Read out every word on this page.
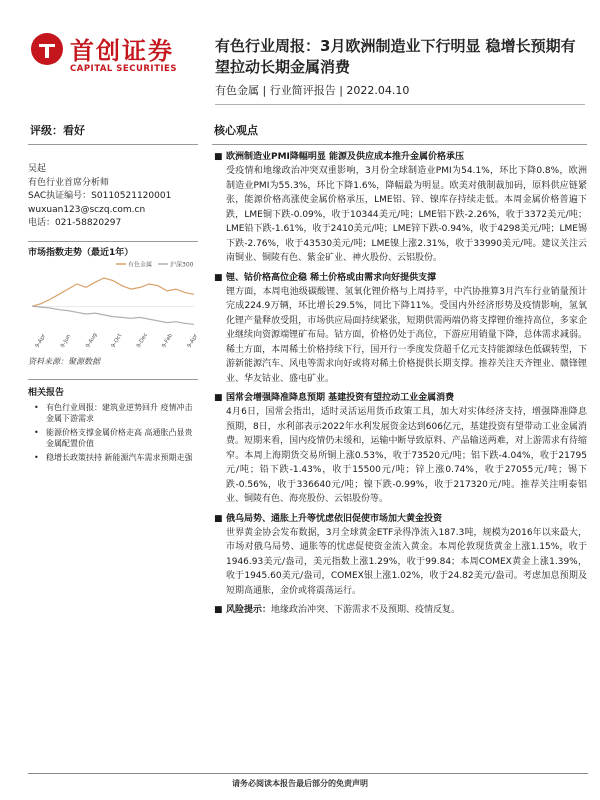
首创证券
CAPITAL SECURITIES
有色行业周报：3月欧洲制造业下行明显 稳增长预期有望拉动长期金属消费
有色金属 | 行业简评报告 | 2022.04.10
评级：看好
吴起
有色行业首席分析师
SAC执证编号：S0110521120001
wuxuan123@sczq.com.cn
电话：021-58820297
市场指数走势（最近1年）
有色金属	沪深300
9-Apr 9-Jun 9-Aug 9-Oct 9-Dec 9-Feb 9-Apr
资料来源：聚源数据
相关报告
• 有色行业周报：建筑业逆势回升 疫情冲击金属下游需求
• 能源价格支撑金属价格走高 高通胀凸显贵金属配置价值
• 稳增长政策扶持 新能源汽车需求预期走强
核心观点
■ 欧洲制造业PMI降幅明显 能源及供应成本推升金属价格承压
受疫情和地缘政治冲突双重影响，3月份全球制造业PMI为54.1%，环比下降0.8%，欧洲制造业PMI为55.3%，环比下降1.6%，降幅最为明显。欧美对俄制裁加码，原料供应链紧张，能源价格高涨使金属价格承压，LME铝、锌、镍库存持续走低。本周金属价格普遍下跌，LME铜下跌-0.09%，收于10344美元/吨；LME铝下跌-2.26%，收于3372美元/吨；LME铅下跌-1.61%，收于2410美元/吨；LME锌下跌-0.94%，收于4298美元/吨；LME锡下跌-2.76%，收于43530美元/吨；LME镍上涨2.31%，收于33990美元/吨。建议关注云南铜业、铜陵有色、紫金矿业、神火股份、云铝股份。
■ 锂、钴价格高位企稳 稀土价格或由需求向好提供支撑
锂方面，本周电池级碳酸锂、氢氧化锂价格与上周持平，中汽协推算3月汽车行业销量预计完成224.9万辆，环比增长29.5%，同比下降11%。受国内外经济形势及疫情影响，氢氧化锂产量释放受阻，市场供应局面持续紧张，短期供需两端仍将支撑锂价维持高位，多家企业继续向资源端锂矿布局。钴方面，价格仍处于高位，下游应用销量下降，总体需求减弱。稀土方面，本周稀土价格持续下行，国开行一季度发贷超千亿元支持能源绿色低碳转型，下游新能源汽车、风电等需求向好或将对稀土价格提供长期支撑。推荐关注天齐锂业、赣锋锂业、华友钴业、盛屯矿业。
■ 国常会增强降准降息预期 基建投资有望拉动工业金属消费
4月6日，国常会指出，适时灵活运用货币政策工具，加大对实体经济支持，增强降准降息预期，8日，水利部表示2022年水利发展资金达到606亿元，基建投资有望带动工业金属消费。短期来看，国内疫情仍未缓和，运输中断导致原料、产品输送两难，对上游需求有待缩窄。本周上海期货交易所铜上涨0.53%，收于73520元/吨；铝下跌-4.04%，收于21795元/吨；铅下跌-1.43%，收于15500元/吨；锌上涨0.74%，收于27055元/吨；锡下跌-0.56%，收于336640元/吨；镍下跌-0.99%，收于217320元/吨。推荐关注明泰铝业、铜陵有色、海亮股份、云铝股份等。
■ 俄乌局势、通胀上升等忧虑依旧促使市场加大黄金投资
世界黄金协会发布数据，3月全球黄金ETF录得净流入187.3吨，规模为2016年以来最大，市场对俄乌局势、通胀等的忧虑促使资金流入黄金。本周伦敦现货黄金上涨1.15%，收于1946.93美元/盎司，美元指数上涨1.29%，收于99.84；本周COMEX黄金上涨1.39%，收于1945.60美元/盎司，COMEX银上涨1.02%，收于24.82美元/盎司。考虑加息预期及短期高通胀，金价或将震荡运行。
■ 风险提示：地缘政治冲突、下游需求不及预期、疫情反复。
请务必阅读本报告最后部分的免责声明
